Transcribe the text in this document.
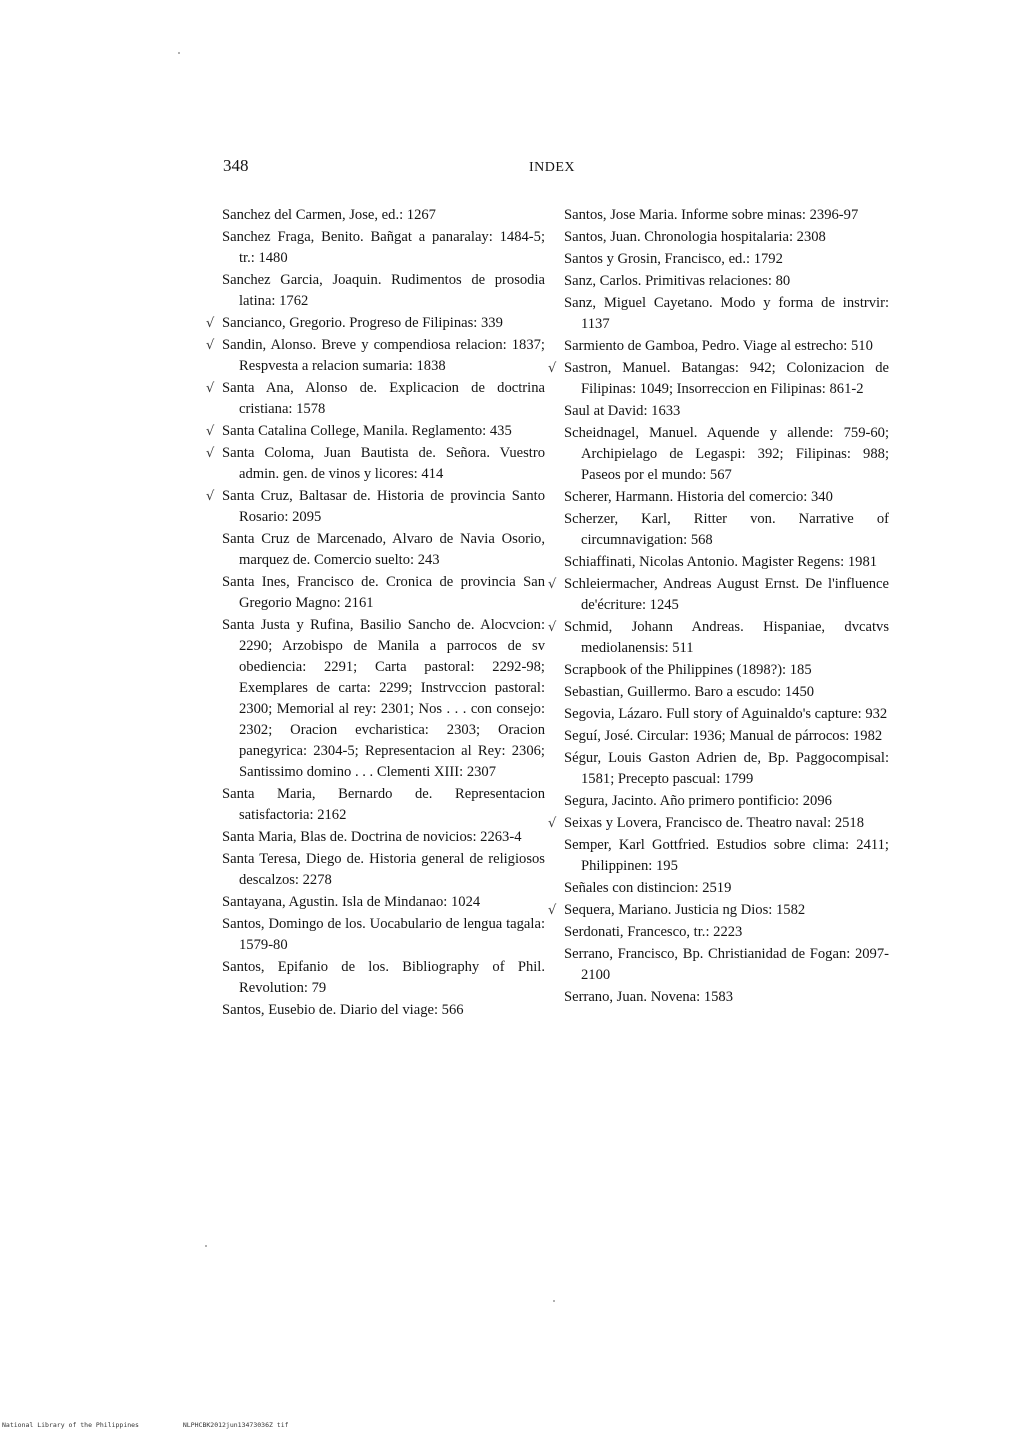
348	INDEX
Sanchez del Carmen, Jose, ed.: 1267
Sanchez Fraga, Benito. Bañgat a panaralay: 1484-5; tr.: 1480
Sanchez Garcia, Joaquin. Rudimentos de prosodia latina: 1762
√ Sancianco, Gregorio. Progreso de Filipinas: 339
√ Sandin, Alonso. Breve y compendiosa relacion: 1837; Respvesta a relacion sumaria: 1838
√ Santa Ana, Alonso de. Explicacion de doctrina cristiana: 1578
√ Santa Catalina College, Manila. Reglamento: 435
√ Santa Coloma, Juan Bautista de. Señora. Vuestro admin. gen. de vinos y licores: 414
√ Santa Cruz, Baltasar de. Historia de provincia Santo Rosario: 2095
Santa Cruz de Marcenado, Alvaro de Navia Osorio, marquez de. Comercio suelto: 243
Santa Ines, Francisco de. Cronica de provincia San Gregorio Magno: 2161
Santa Justa y Rufina, Basilio Sancho de. Alocvcion: 2290; Arzobispo de Manila a parrocos de sv obediencia: 2291; Carta pastoral: 2292-98; Exemplares de carta: 2299; Instrvccion pastoral: 2300; Memorial al rey: 2301; Nos . . . con consejo: 2302; Oracion evcharistica: 2303; Oracion panegyrica: 2304-5; Representacion al Rey: 2306; Santissimo domino . . . Clementi XIII: 2307
Santa Maria, Bernardo de. Representacion satisfactoria: 2162
Santa Maria, Blas de. Doctrina de novicios: 2263-4
Santa Teresa, Diego de. Historia general de religiosos descalzos: 2278
Santayana, Agustin. Isla de Mindanao: 1024
Santos, Domingo de los. Uocabulario de lengua tagala: 1579-80
Santos, Epifanio de los. Bibliography of Phil. Revolution: 79
Santos, Eusebio de. Diario del viage: 566
Santos, Jose Maria. Informe sobre minas: 2396-97
Santos, Juan. Chronologia hospitalaria: 2308
Santos y Grosin, Francisco, ed.: 1792
Sanz, Carlos. Primitivas relaciones: 80
Sanz, Miguel Cayetano. Modo y forma de instrvir: 1137
Sarmiento de Gamboa, Pedro. Viage al estrecho: 510
√ Sastron, Manuel. Batangas: 942; Colonizacion de Filipinas: 1049; Insorreccion en Filipinas: 861-2
Saul at David: 1633
Scheidnagel, Manuel. Aquende y allende: 759-60; Archipielago de Legaspi: 392; Filipinas: 988; Paseos por el mundo: 567
Scherer, Harmann. Historia del comercio: 340
Scherzer, Karl, Ritter von. Narrative of circumnavigation: 568
Schiaffinati, Nicolas Antonio. Magister Regens: 1981
√ Schleiermacher, Andreas August Ernst. De l'influence de'écriture: 1245
√ Schmid, Johann Andreas. Hispaniae, dvcatvs mediolanensis: 511
Scrapbook of the Philippines (1898?): 185
Sebastian, Guillermo. Baro a escudo: 1450
Segovia, Lázaro. Full story of Aguinaldo's capture: 932
Seguí, José. Circular: 1936; Manual de párrocos: 1982
Ségur, Louis Gaston Adrien de, Bp. Paggocompisal: 1581; Precepto pascual: 1799
Segura, Jacinto. Año primero pontificio: 2096
√ Seixas y Lovera, Francisco de. Theatro naval: 2518
Semper, Karl Gottfried. Estudios sobre clima: 2411; Philippinen: 195
Señales con distincion: 2519
√ Sequera, Mariano. Justicia ng Dios: 1582
Serdonati, Francesco, tr.: 2223
Serrano, Francisco, Bp. Christianidad de Fogan: 2097-2100
Serrano, Juan. Novena: 1583
National Library of the Philippines	NLPHCBK2012jun13473036Z tif
